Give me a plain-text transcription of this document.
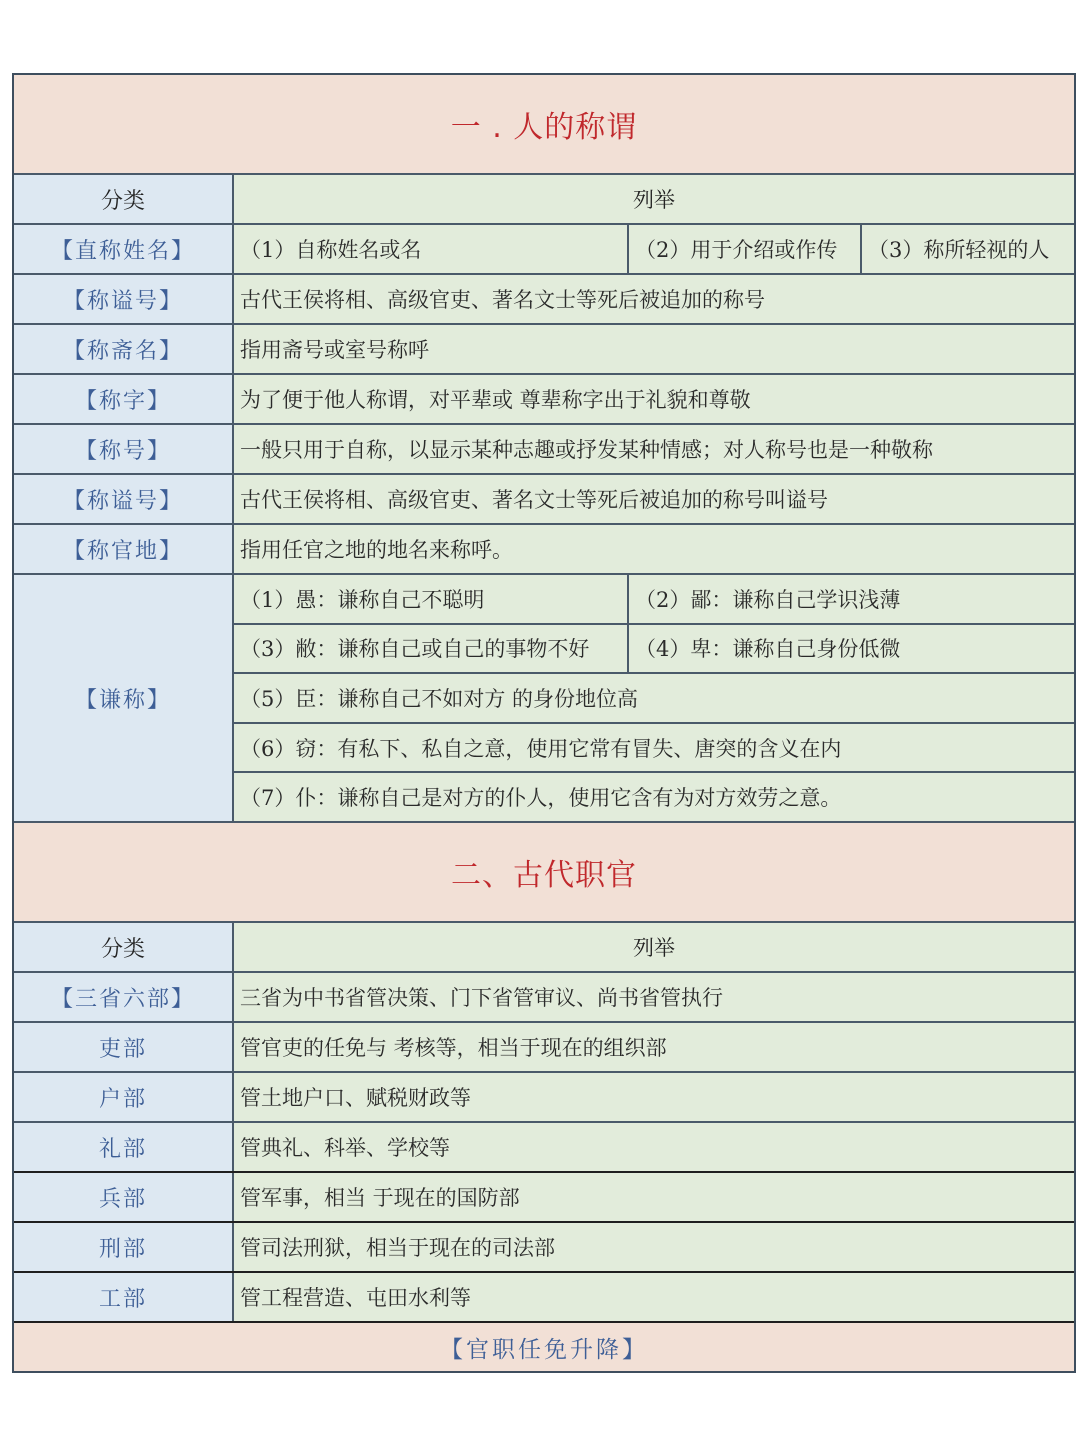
一 . 人的称谓
分类	列举
【直称姓名】	（1）自称姓名或名	（2）用于介绍或作传	（3）称所轻视的人
【称谥号】	古代王侯将相、高级官吏、著名文士等死后被追加的称号
【称斋名】	指用斋号或室号称呼
【称字】	为了便于他人称谓，对平辈或 尊辈称字出于礼貌和尊敬
【称号】	一般只用于自称，以显示某种志趣或抒发某种情感；对人称号也是一种敬称
【称谥号】	古代王侯将相、高级官吏、著名文士等死后被追加的称号叫谥号
【称官地】	指用任官之地的地名来称呼。
【谦称】
（1）愚：谦称自己不聪明	（2）鄙：谦称自己学识浅薄
（3）敝：谦称自己或自己的事物不好	（4）卑：谦称自己身份低微
（5）臣：谦称自己不如对方 的身份地位高
（6）窃：有私下、私自之意，使用它常有冒失、唐突的含义在内
（7）仆：谦称自己是对方的仆人，使用它含有为对方效劳之意。
二、古代职官
分类	列举
【三省六部】	三省为中书省管决策、门下省管审议、尚书省管执行
吏部	管官吏的任免与 考核等，相当于现在的组织部
户部	管土地户口、赋税财政等
礼部	管典礼、科举、学校等
兵部	管军事，相当 于现在的国防部
刑部	管司法刑狱，相当于现在的司法部
工部	管工程营造、屯田水利等
【官职任免升降】
